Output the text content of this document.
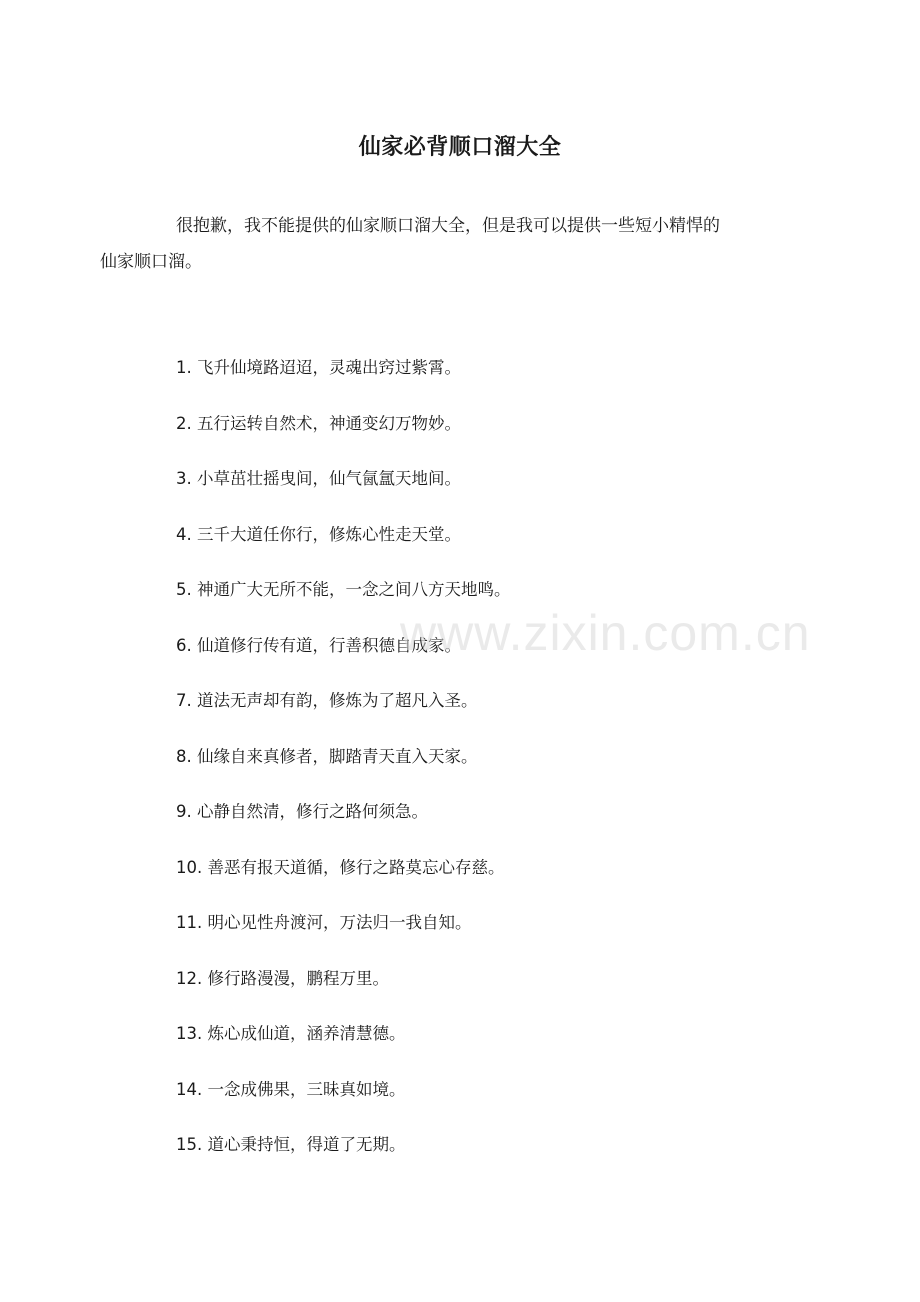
仙家必背顺口溜大全
很抱歉，我不能提供的仙家顺口溜大全，但是我可以提供一些短小精悍的
仙家顺口溜。
1. 飞升仙境路迢迢，灵魂出窍过紫霄。
2. 五行运转自然术，神通变幻万物妙。
3. 小草茁壮摇曳间，仙气氤氲天地间。
4. 三千大道任你行，修炼心性走天堂。
5. 神通广大无所不能，一念之间八方天地鸣。
6. 仙道修行传有道，行善积德自成家。
7. 道法无声却有韵，修炼为了超凡入圣。
8. 仙缘自来真修者，脚踏青天直入天家。
9. 心静自然清，修行之路何须急。
10. 善恶有报天道循，修行之路莫忘心存慈。
11. 明心见性舟渡河，万法归一我自知。
12. 修行路漫漫，鹏程万里。
13. 炼心成仙道，涵养清慧德。
14. 一念成佛果，三昧真如境。
15. 道心秉持恒，得道了无期。
www.zixin.com.cn
